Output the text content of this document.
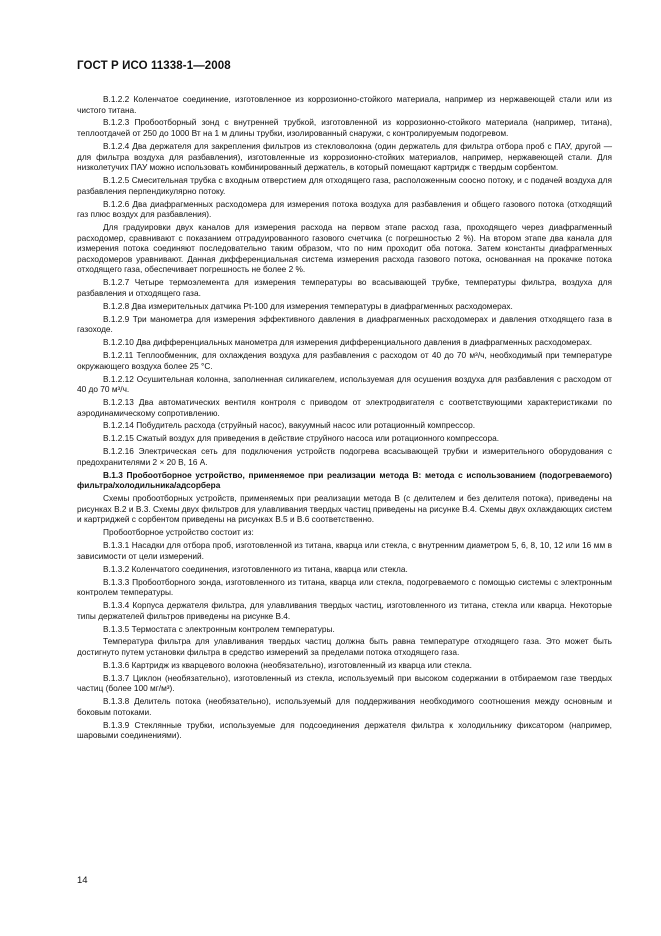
ГОСТ Р ИСО 11338-1—2008

В.1.2.2 Коленчатое соединение, изготовленное из коррозионно-стойкого материала, например из нержавеющей стали или из чистого титана.

В.1.2.3 Пробоотборный зонд с внутренней трубкой, изготовленной из коррозионно-стойкого материала (например, титана), теплоотдачей от 250 до 1000 Вт на 1 м длины трубки, изолированный снаружи, с контролируемым подогревом.

В.1.2.4 Два держателя для закрепления фильтров из стекловолокна (один держатель для фильтра отбора проб с ПАУ, другой — для фильтра воздуха для разбавления), изготовленные из коррозионно-стойких материалов, например, нержавеющей стали. Для низколетучих ПАУ можно использовать комбинированный держатель, в который помещают картридж с твердым сорбентом.

В.1.2.5 Смесительная трубка с входным отверстием для отходящего газа, расположенным соосно потоку, и с подачей воздуха для разбавления перпендикулярно потоку.

В.1.2.6 Два диафрагменных расходомера для измерения потока воздуха для разбавления и общего газового потока (отходящий газ плюс воздух для разбавления).

Для градуировки двух каналов для измерения расхода на первом этапе расход газа, проходящего через диафрагменный расходомер, сравнивают с показанием отградуированного газового счетчика (с погрешностью 2 %). На втором этапе два канала для измерения потока соединяют последовательно таким образом, что по ним проходит оба потока. Затем константы диафрагменных расходомеров уравнивают. Данная дифференциальная система измерения расхода газового потока, основанная на прокачке потока отходящего газа, обеспечивает погрешность не более 2 %.

В.1.2.7 Четыре термоэлемента для измерения температуры во всасывающей трубке, температуры фильтра, воздуха для разбавления и отходящего газа.

В.1.2.8 Два измерительных датчика Pt-100 для измерения температуры в диафрагменных расходомерах.

В.1.2.9 Три манометра для измерения эффективного давления в диафрагменных расходомерах и давления отходящего газа в газоходе.

В.1.2.10 Два дифференциальных манометра для измерения дифференциального давления в диафрагменных расходомерах.

В.1.2.11 Теплообменник, для охлаждения воздуха для разбавления с расходом от 40 до 70 м³/ч, необходимый при температуре окружающего воздуха более 25 °С.

В.1.2.12 Осушительная колонна, заполненная силикагелем, используемая для осушения воздуха для разбавления с расходом от 40 до 70 м³/ч.

В.1.2.13 Два автоматических вентиля контроля с приводом от электродвигателя с соответствующими характеристиками по аэродинамическому сопротивлению.

В.1.2.14 Побудитель расхода (струйный насос), вакуумный насос или ротационный компрессор.

В.1.2.15 Сжатый воздух для приведения в действие струйного насоса или ротационного компрессора.

В.1.2.16 Электрическая сеть для подключения устройств подогрева всасывающей трубки и измерительного оборудования с предохранителями 2 × 20 В, 16 А.

В.1.3 Пробоотборное устройство, применяемое при реализации метода В: метода с использованием (подогреваемого) фильтра/холодильника/адсорбера

Схемы пробоотборных устройств, применяемых при реализации метода В (с делителем и без делителя потока), приведены на рисунках В.2 и В.3. Схемы двух фильтров для улавливания твердых частиц приведены на рисунке В.4. Схемы двух охлаждающих систем и картриджей с сорбентом приведены на рисунках В.5 и В.6 соответственно.

Пробоотборное устройство состоит из:

В.1.3.1 Насадки для отбора проб, изготовленной из титана, кварца или стекла, с внутренним диаметром 5, 6, 8, 10, 12 или 16 мм в зависимости от цели измерений.

В.1.3.2 Коленчатого соединения, изготовленного из титана, кварца или стекла.

В.1.3.3 Пробоотборного зонда, изготовленного из титана, кварца или стекла, подогреваемого с помощью системы с электронным контролем температуры.

В.1.3.4 Корпуса держателя фильтра, для улавливания твердых частиц, изготовленного из титана, стекла или кварца. Некоторые типы держателей фильтров приведены на рисунке В.4.

В.1.3.5 Термостата с электронным контролем температуры.

Температура фильтра для улавливания твердых частиц должна быть равна температуре отходящего газа. Это может быть достигнуто путем установки фильтра в средство измерений за пределами потока отходящего газа.

В.1.3.6 Картридж из кварцевого волокна (необязательно), изготовленный из кварца или стекла.

В.1.3.7 Циклон (необязательно), изготовленный из стекла, используемый при высоком содержании в отбираемом газе твердых частиц (более 100 мг/м³).

В.1.3.8 Делитель потока (необязательно), используемый для поддерживания необходимого соотношения между основным и боковым потоками.

В.1.3.9 Стеклянные трубки, используемые для подсоединения держателя фильтра к холодильнику фиксатором (например, шаровыми соединениями).

14
